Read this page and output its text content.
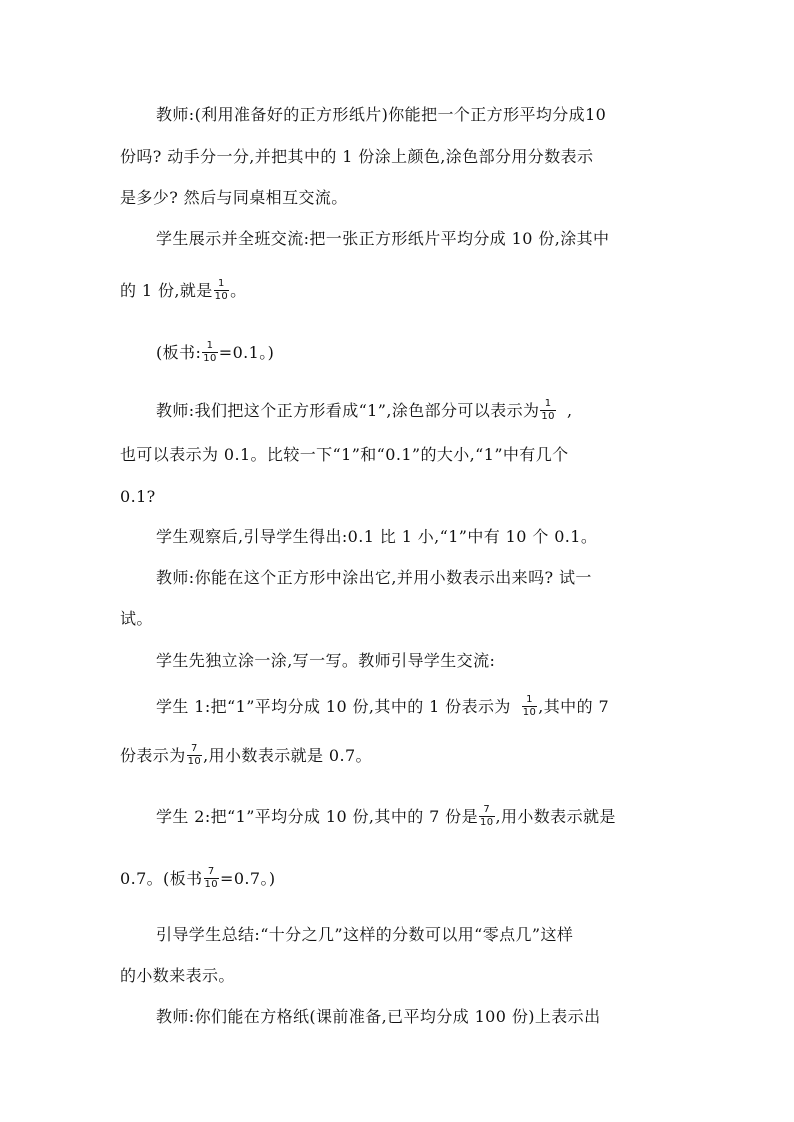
教师:(利用准备好的正方形纸片)你能把一个正方形平均分成10
份吗? 动手分一分,并把其中的 1 份涂上颜色,涂色部分用分数表示
是多少? 然后与同桌相互交流。
学生展示并全班交流:把一张正方形纸片平均分成 10 份,涂其中
的 1 份,就是 $\frac{1}{10}$ 。
(板书: $\frac{1}{10} =0.1$。)
教师:我们把这个正方形看成“1”,涂色部分可以表示为 $\frac{1}{10}$ ,
也可以表示为 0.1。比较一下“1”和“0.1”的大小,“1”中有几个
0.1?
学生观察后,引导学生得出:0.1 比 1 小,“1”中有 10 个 0.1。
教师:你能在这个正方形中涂出它,并用小数表示出来吗? 试一
试。
学生先独立涂一涂,写一写。教师引导学生交流:
学生 1:把“1”平均分成 10 份,其中的 1 份表示为 $\frac{1}{10}$ ,其中的 7
份表示为 $\frac{7}{10}$ ,用小数表示就是 0.7。
学生 2:把“1”平均分成 10 份,其中的 7 份是 $\frac{7}{10}$ ,用小数表示就是
0.7。(板书 $\frac{7}{10} =0.7$。)
引导学生总结:“十分之几”这样的分数可以用“零点几”这样
的小数来表示。
教师:你们能在方格纸(课前准备,已平均分成 100 份)上表示出
